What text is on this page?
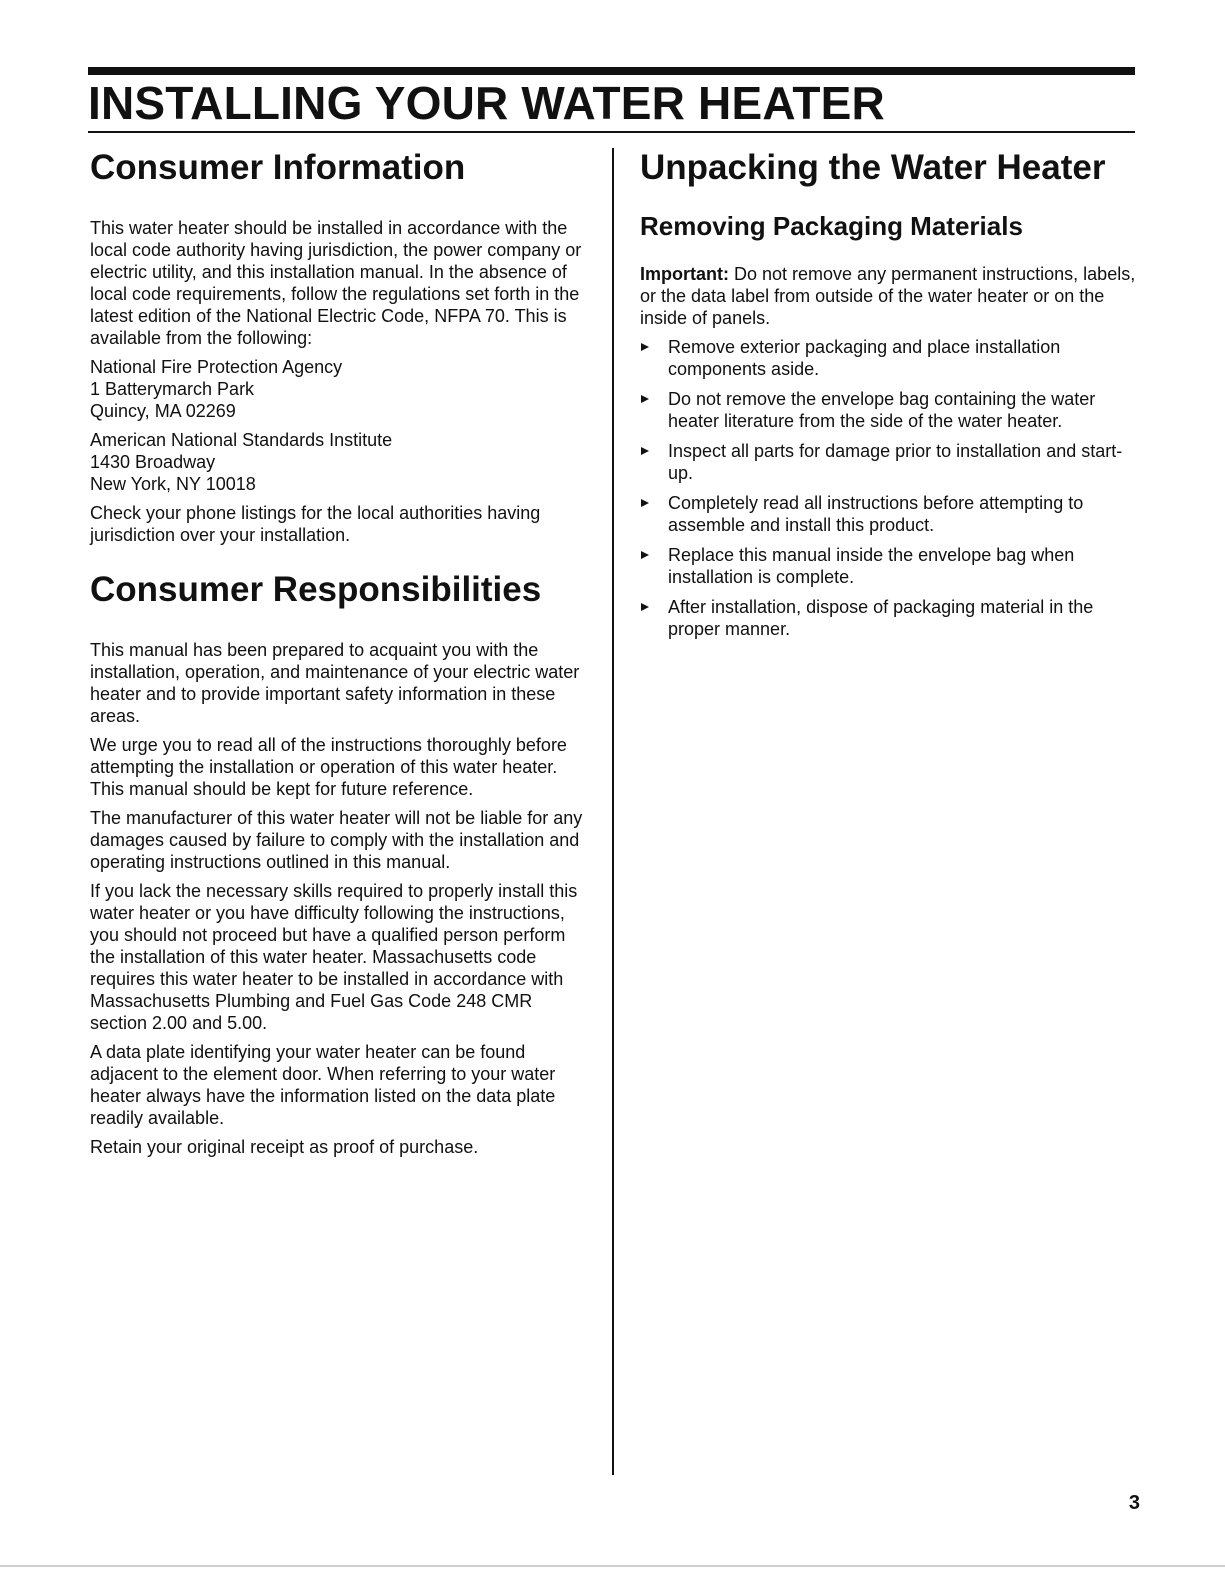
INSTALLING YOUR WATER HEATER
Consumer Information

This water heater should be installed in accordance with the local code authority having jurisdiction, the power company or electric utility, and this installation manual. In the absence of local code requirements, follow the regulations set forth in the latest edition of the National Electric Code, NFPA 70. This is available from the following:

National Fire Protection Agency
1 Batterymarch Park
Quincy, MA 02269

American National Standards Institute
1430 Broadway
New York, NY 10018

Check your phone listings for the local authorities having jurisdiction over your installation.

Consumer Responsibilities

This manual has been prepared to acquaint you with the installation, operation, and maintenance of your electric water heater and to provide important safety information in these areas.

We urge you to read all of the instructions thoroughly before attempting the installation or operation of this water heater. This manual should be kept for future reference.

The manufacturer of this water heater will not be liable for any damages caused by failure to comply with the installation and operating instructions outlined in this manual.

If you lack the necessary skills required to properly install this water heater or you have difficulty following the instructions, you should not proceed but have a qualified person perform the installation of this water heater. Massachusetts code requires this water heater to be installed in accordance with Massachusetts Plumbing and Fuel Gas Code 248 CMR section 2.00 and 5.00.

A data plate identifying your water heater can be found adjacent to the element door. When referring to your water heater always have the information listed on the data plate readily available.

Retain your original receipt as proof of purchase.

Unpacking the Water Heater
Removing Packaging Materials

Important: Do not remove any permanent instructions, labels, or the data label from outside of the water heater or on the inside of panels.

Remove exterior packaging and place installation components aside.
Do not remove the envelope bag containing the water heater literature from the side of the water heater.
Inspect all parts for damage prior to installation and start-up.
Completely read all instructions before attempting to assemble and install this product.
Replace this manual inside the envelope bag when installation is complete.
After installation, dispose of packaging material in the proper manner.
3
